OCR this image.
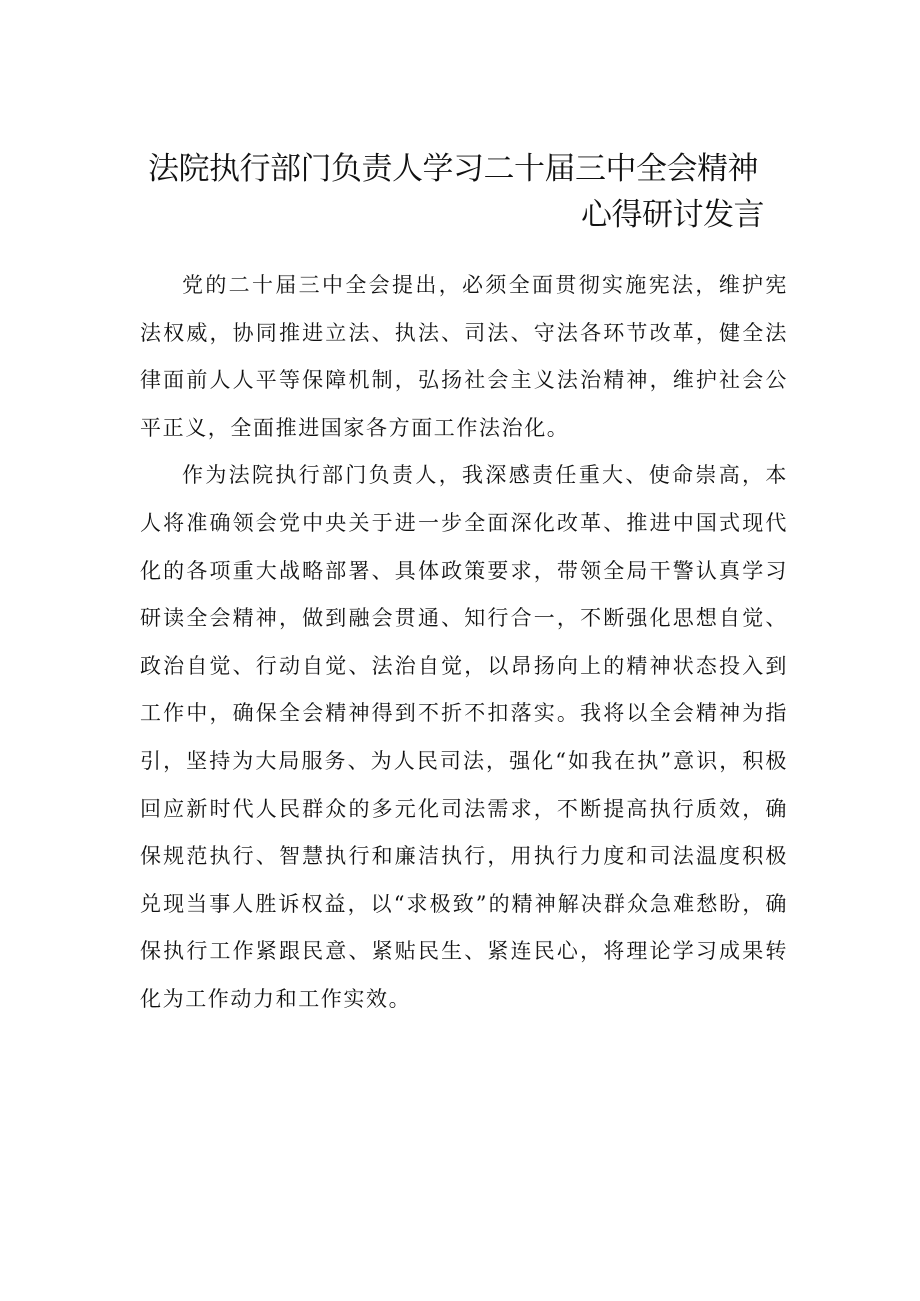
法院执行部门负责人学习二十届三中全会精神
心得研讨发言

党的二十届三中全会提出，必须全面贯彻实施宪法，维护宪法权威，协同推进立法、执法、司法、守法各环节改革，健全法律面前人人平等保障机制，弘扬社会主义法治精神，维护社会公平正义，全面推进国家各方面工作法治化。

作为法院执行部门负责人，我深感责任重大、使命崇高，本人将准确领会党中央关于进一步全面深化改革、推进中国式现代化的各项重大战略部署、具体政策要求，带领全局干警认真学习研读全会精神，做到融会贯通、知行合一，不断强化思想自觉、政治自觉、行动自觉、法治自觉，以昂扬向上的精神状态投入到工作中，确保全会精神得到不折不扣落实。我将以全会精神为指引，坚持为大局服务、为人民司法，强化“如我在执”意识，积极回应新时代人民群众的多元化司法需求，不断提高执行质效，确保规范执行、智慧执行和廉洁执行，用执行力度和司法温度积极兑现当事人胜诉权益，以“求极致”的精神解决群众急难愁盼，确保执行工作紧跟民意、紧贴民生、紧连民心，将理论学习成果转化为工作动力和工作实效。
